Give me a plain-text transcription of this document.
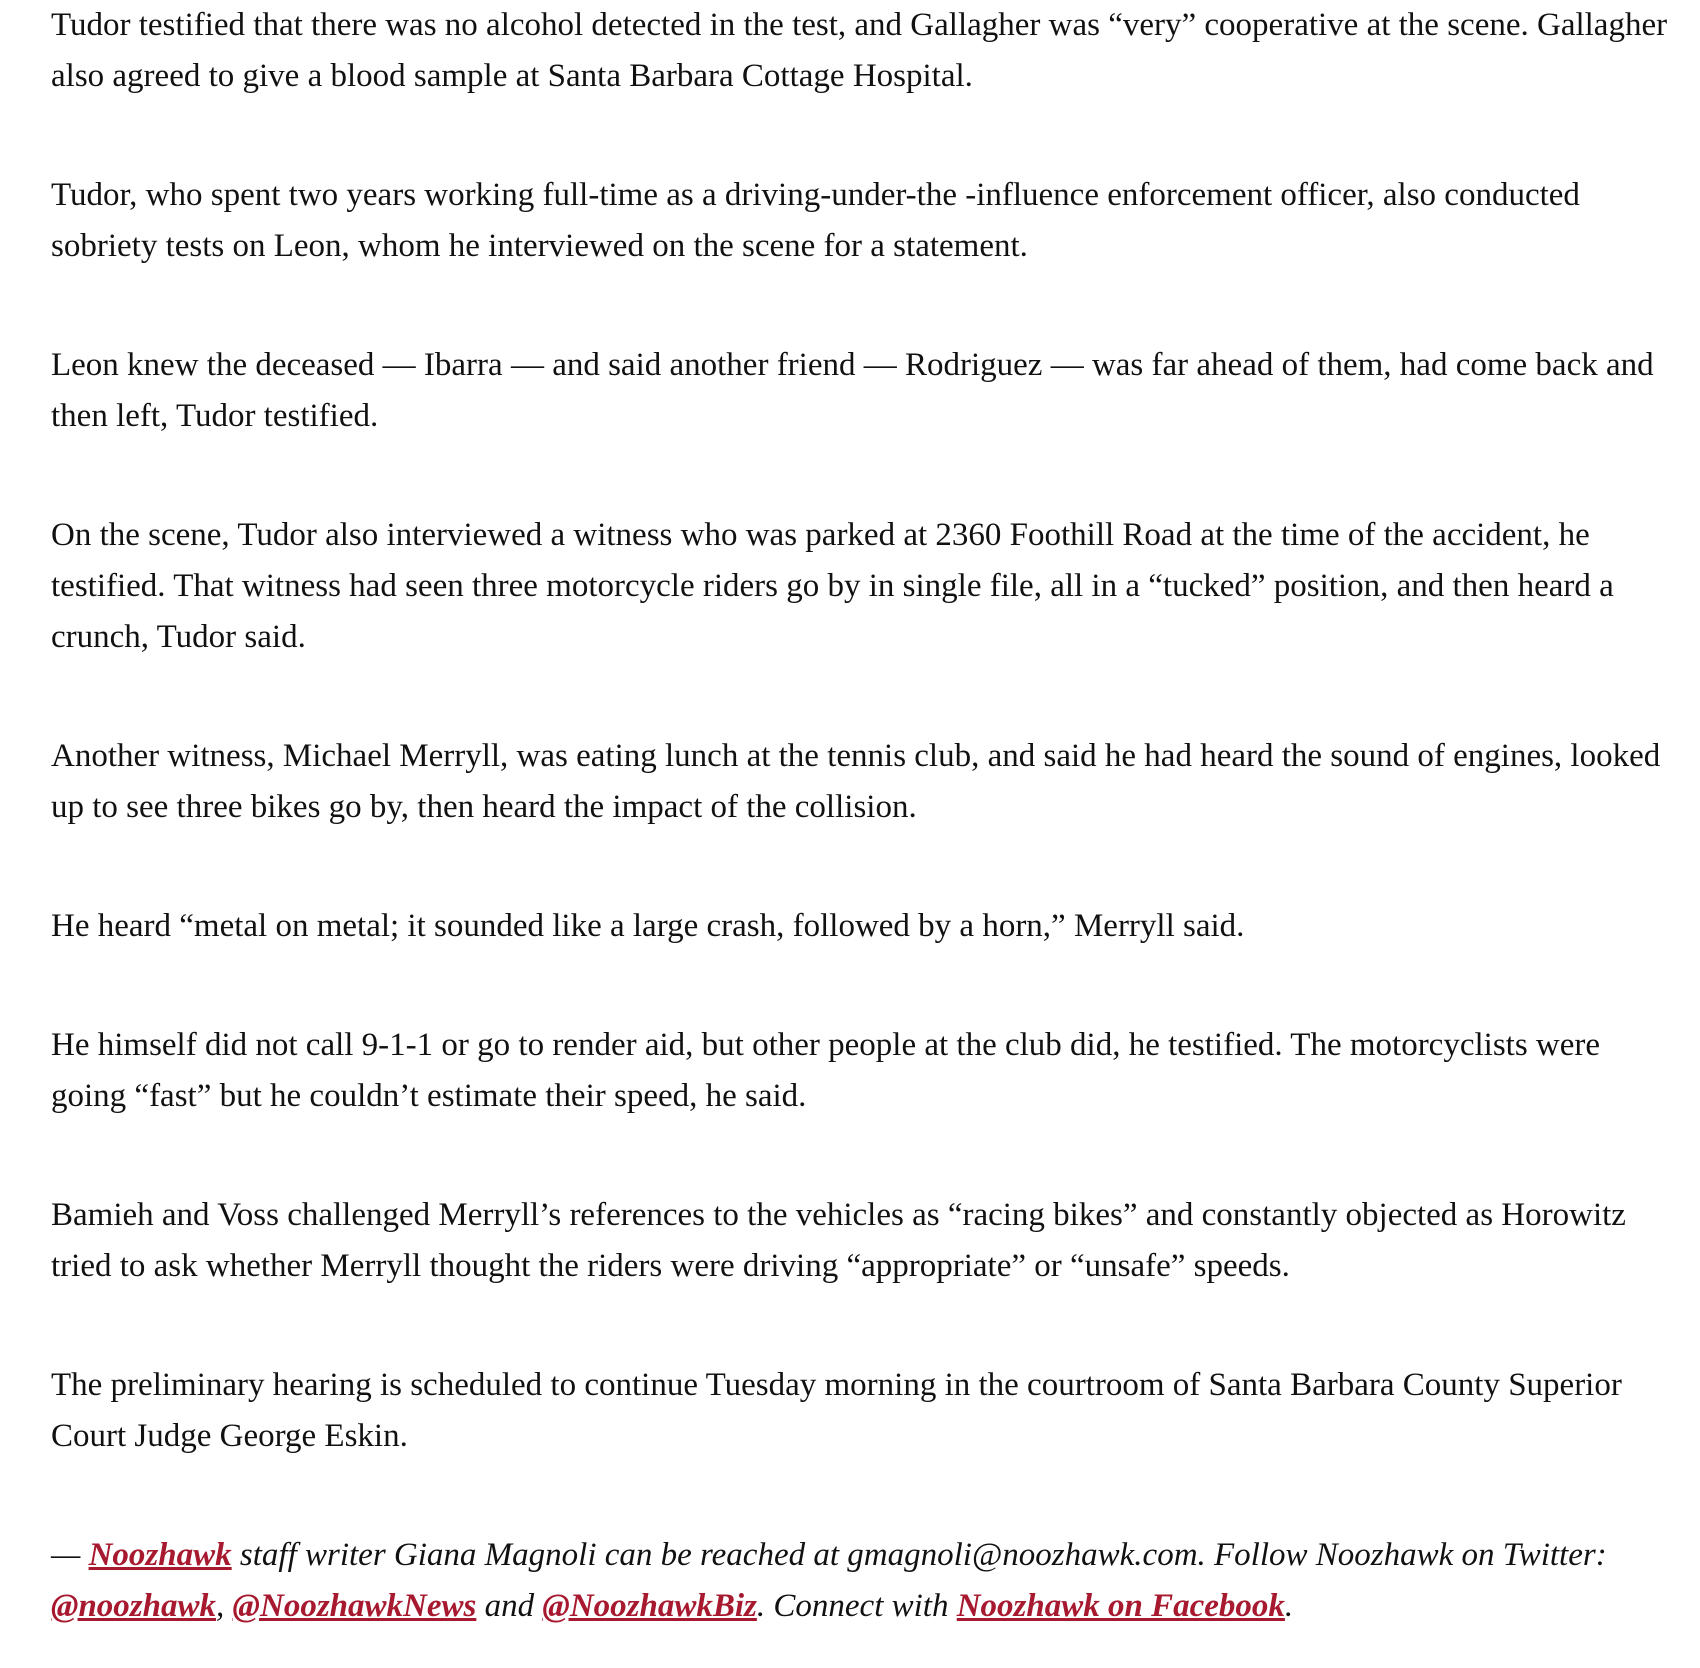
Tudor testified that there was no alcohol detected in the test, and Gallagher was “very” cooperative at the scene. Gallagher also agreed to give a blood sample at Santa Barbara Cottage Hospital.

Tudor, who spent two years working full-time as a driving-under-the -influence enforcement officer, also conducted sobriety tests on Leon, whom he interviewed on the scene for a statement.

Leon knew the deceased — Ibarra — and said another friend — Rodriguez — was far ahead of them, had come back and then left, Tudor testified.

On the scene, Tudor also interviewed a witness who was parked at 2360 Foothill Road at the time of the accident, he testified. That witness had seen three motorcycle riders go by in single file, all in a “tucked” position, and then heard a crunch, Tudor said.

Another witness, Michael Merryll, was eating lunch at the tennis club, and said he had heard the sound of engines, looked up to see three bikes go by, then heard the impact of the collision.

He heard “metal on metal; it sounded like a large crash, followed by a horn,” Merryll said.

He himself did not call 9-1-1 or go to render aid, but other people at the club did, he testified. The motorcyclists were going “fast” but he couldn’t estimate their speed, he said.

Bamieh and Voss challenged Merryll’s references to the vehicles as “racing bikes” and constantly objected as Horowitz tried to ask whether Merryll thought the riders were driving “appropriate” or “unsafe” speeds.

The preliminary hearing is scheduled to continue Tuesday morning in the courtroom of Santa Barbara County Superior Court Judge George Eskin.

— Noozhawk staff writer Giana Magnoli can be reached at gmagnoli@noozhawk.com. Follow Noozhawk on Twitter: @noozhawk, @NoozhawkNews and @NoozhawkBiz. Connect with Noozhawk on Facebook.
